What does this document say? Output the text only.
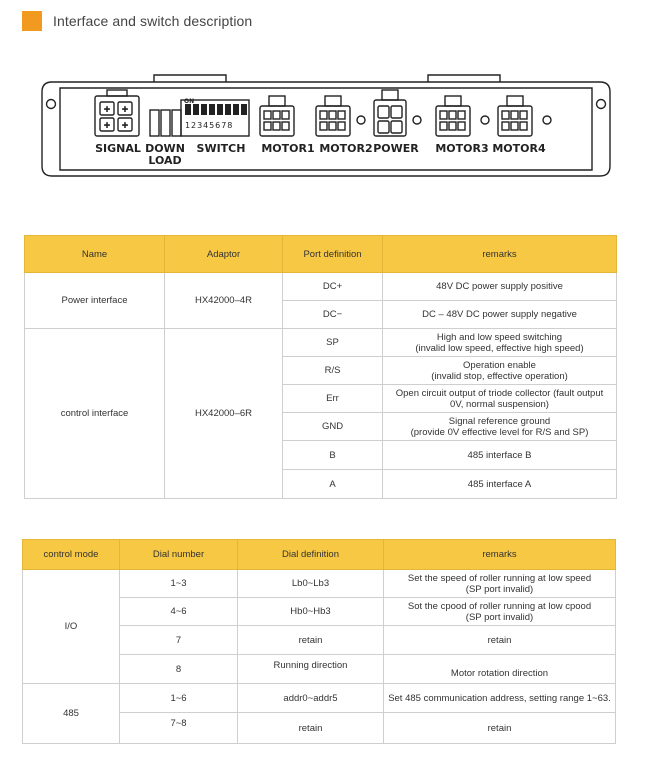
Interface and switch description
✚ ✚
✚ ✚
ON
1 2 3 4 5 6 7 8
SIGNAL DOWN
LOAD
SWITCH MOTOR1 MOTOR2 POWER MOTOR3 MOTOR4
Name	Adaptor	Port definition	remarks
Power interface	HX42000–4R	DC+	48V DC power supply positive

		DC−	DC – 48V DC power supply negative

control interface	HX42000–6R	SP	High and low speed switching
(invalid low speed, effective high speed)

		R/S	Operation enable
(invalid stop, effective operation)

		Err	Open circuit output of triode collector (fault output
0V, normal suspension)

		GND	Signal reference ground
(provide 0V effective level for R/S and SP)

		B	485 interface B

		A	485 interface A
control mode	Dial number	Dial definition	remarks
I/O	1~3	Lb0~Lb3	Set the speed of roller running at low speed
(SP port invalid)

	4~6	Hb0~Hb3	Sot the cpood of roller running at low cpood
(SP port invalid)

	7	retain	retain

	8	Running direction	Motor rotation direction

485	1~6	addr0~addr5	Set 485 communication address, setting range 1~63.

	7~8	retain	retain
